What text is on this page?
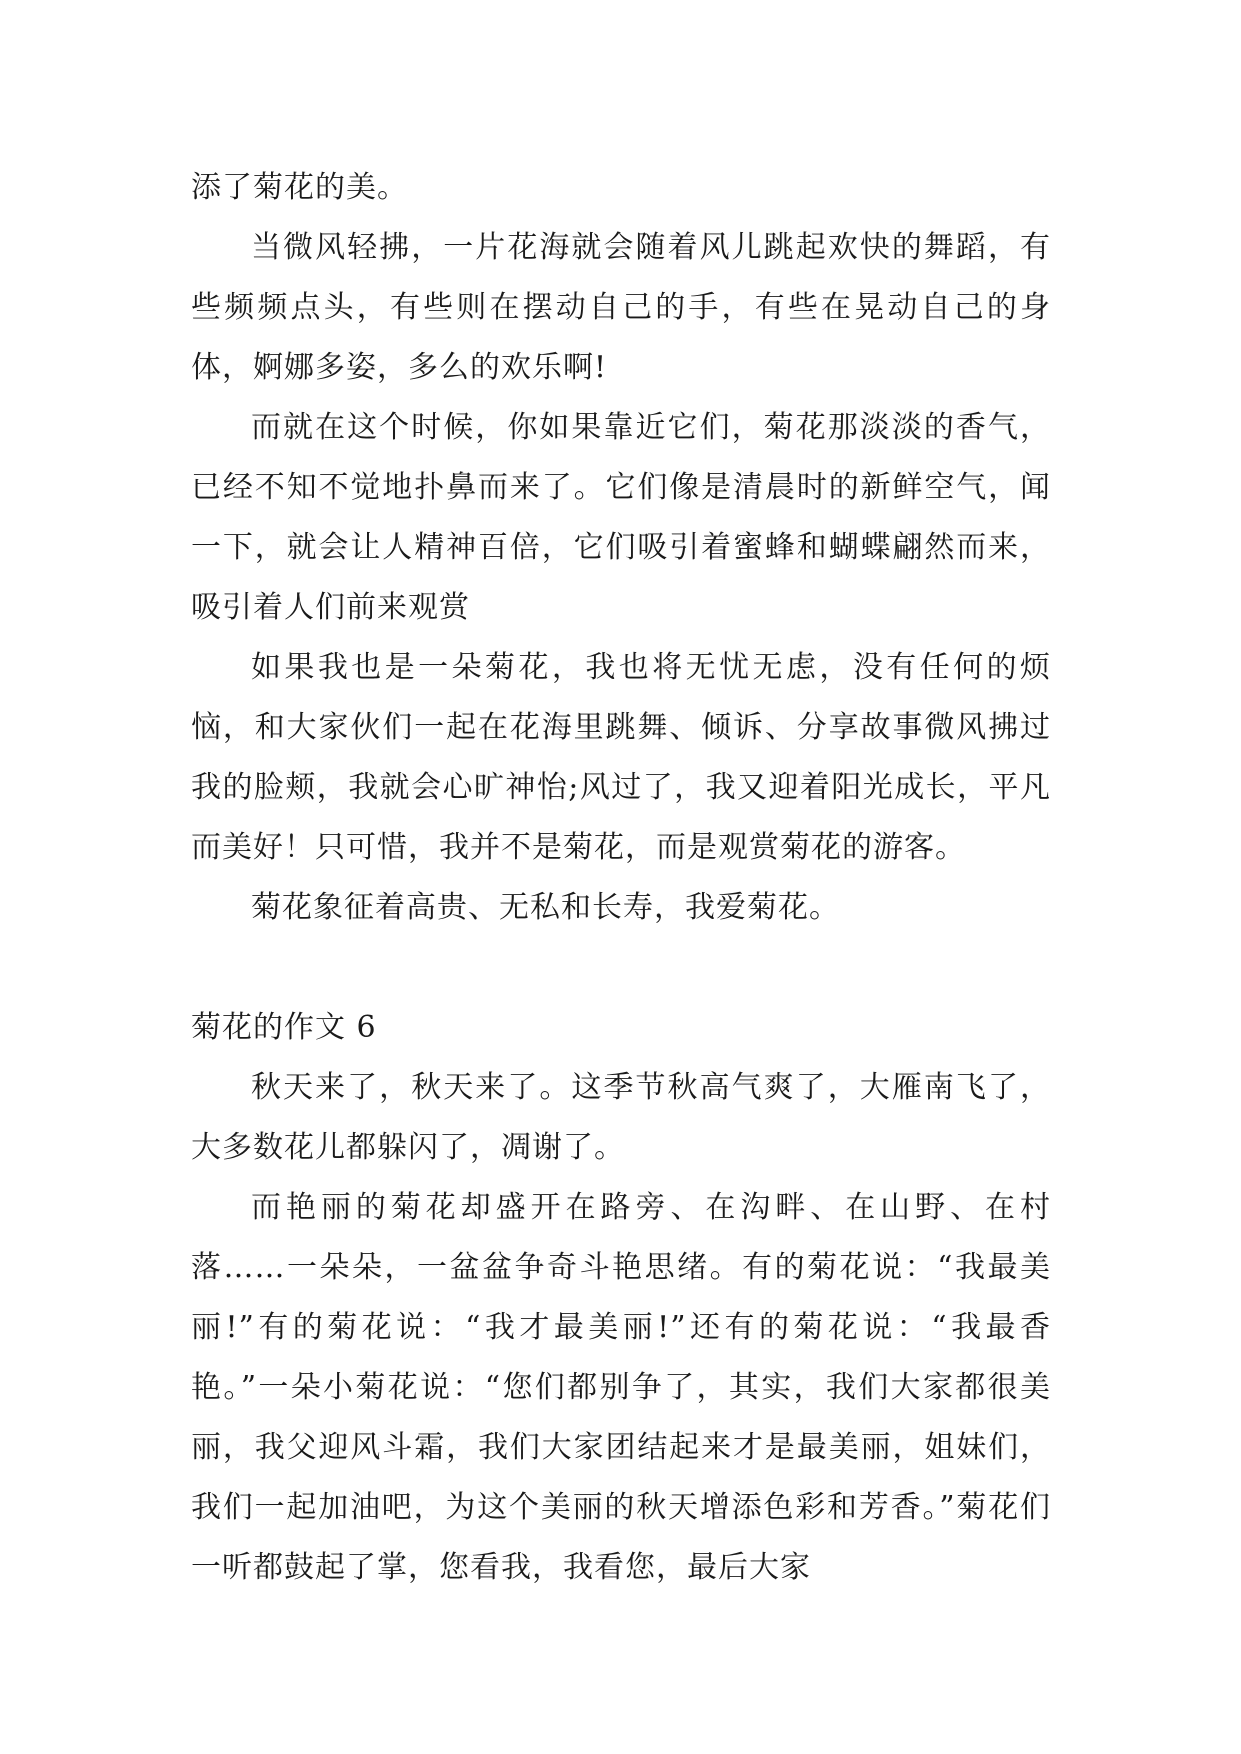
添了菊花的美。

当微风轻拂，一片花海就会随着风儿跳起欢快的舞蹈，有些频频点头，有些则在摆动自己的手，有些在晃动自己的身体，婀娜多姿，多么的欢乐啊!

而就在这个时候，你如果靠近它们，菊花那淡淡的香气，已经不知不觉地扑鼻而来了。它们像是清晨时的新鲜空气，闻一下，就会让人精神百倍，它们吸引着蜜蜂和蝴蝶翩然而来，吸引着人们前来观赏

如果我也是一朵菊花，我也将无忧无虑，没有任何的烦恼，和大家伙们一起在花海里跳舞、倾诉、分享故事微风拂过我的脸颊，我就会心旷神怡;风过了，我又迎着阳光成长，平凡而美好！只可惜，我并不是菊花，而是观赏菊花的游客。

菊花象征着高贵、无私和长寿，我爱菊花。

菊花的作文 6

秋天来了，秋天来了。这季节秋高气爽了，大雁南飞了，大多数花儿都躲闪了，凋谢了。

而艳丽的菊花却盛开在路旁、在沟畔、在山野、在村落……一朵朵，一盆盆争奇斗艳思绪。有的菊花说：“我最美丽!”有的菊花说：“我才最美丽!”还有的菊花说：“我最香艳。”一朵小菊花说：“您们都别争了，其实，我们大家都很美丽，我父迎风斗霜，我们大家团结起来才是最美丽，姐妹们，我们一起加油吧，为这个美丽的秋天增添色彩和芳香。”菊花们一听都鼓起了掌，您看我，我看您，最后大家
